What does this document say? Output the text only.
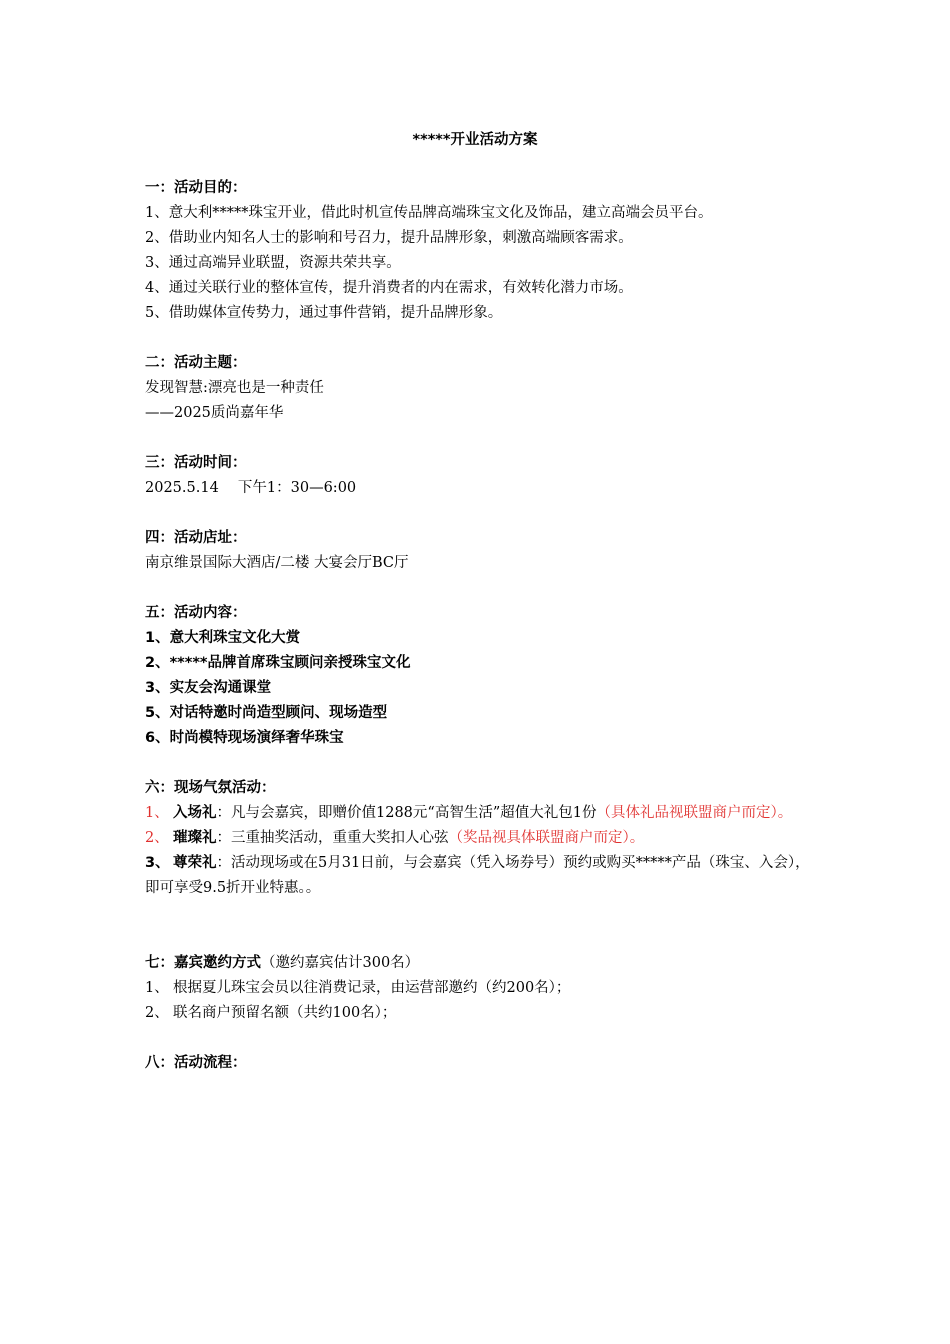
*****开业活动方案
一：活动目的：
1、意大利*****珠宝开业，借此时机宣传品牌高端珠宝文化及饰品，建立高端会员平台。
2、借助业内知名人士的影响和号召力，提升品牌形象，刺激高端顾客需求。
3、通过高端异业联盟，资源共荣共享。
4、通过关联行业的整体宣传，提升消费者的内在需求，有效转化潜力市场。
5、借助媒体宣传势力，通过事件营销，提升品牌形象。
二：活动主题：
发现智慧:漂亮也是一种责任
——2025质尚嘉年华
三：活动时间：
2025.5.14　 下午1：30—6:00
四：活动店址：
南京维景国际大酒店/二楼 大宴会厅BC厅
五：活动内容：
1、意大利珠宝文化大赏
2、*****品牌首席珠宝顾问亲授珠宝文化
3、实友会沟通课堂
5、对话特邀时尚造型顾问、现场造型
6、时尚模特现场演绎奢华珠宝
六：现场气氛活动：
1、 入场礼：凡与会嘉宾，即赠价值1288元“高智生活”超值大礼包1份（具体礼品视联盟商户而定）。
2、 璀璨礼：三重抽奖活动，重重大奖扣人心弦（奖品视具体联盟商户而定）。
3、 尊荣礼：活动现场或在5月31日前，与会嘉宾（凭入场券号）预约或购买*****产品（珠宝、入会），即可享受9.5折开业特惠。。
七：嘉宾邀约方式（邀约嘉宾估计300名）
1、 根据夏儿珠宝会员以往消费记录，由运营部邀约（约200名）；
2、 联名商户预留名额（共约100名）；
八：活动流程：
